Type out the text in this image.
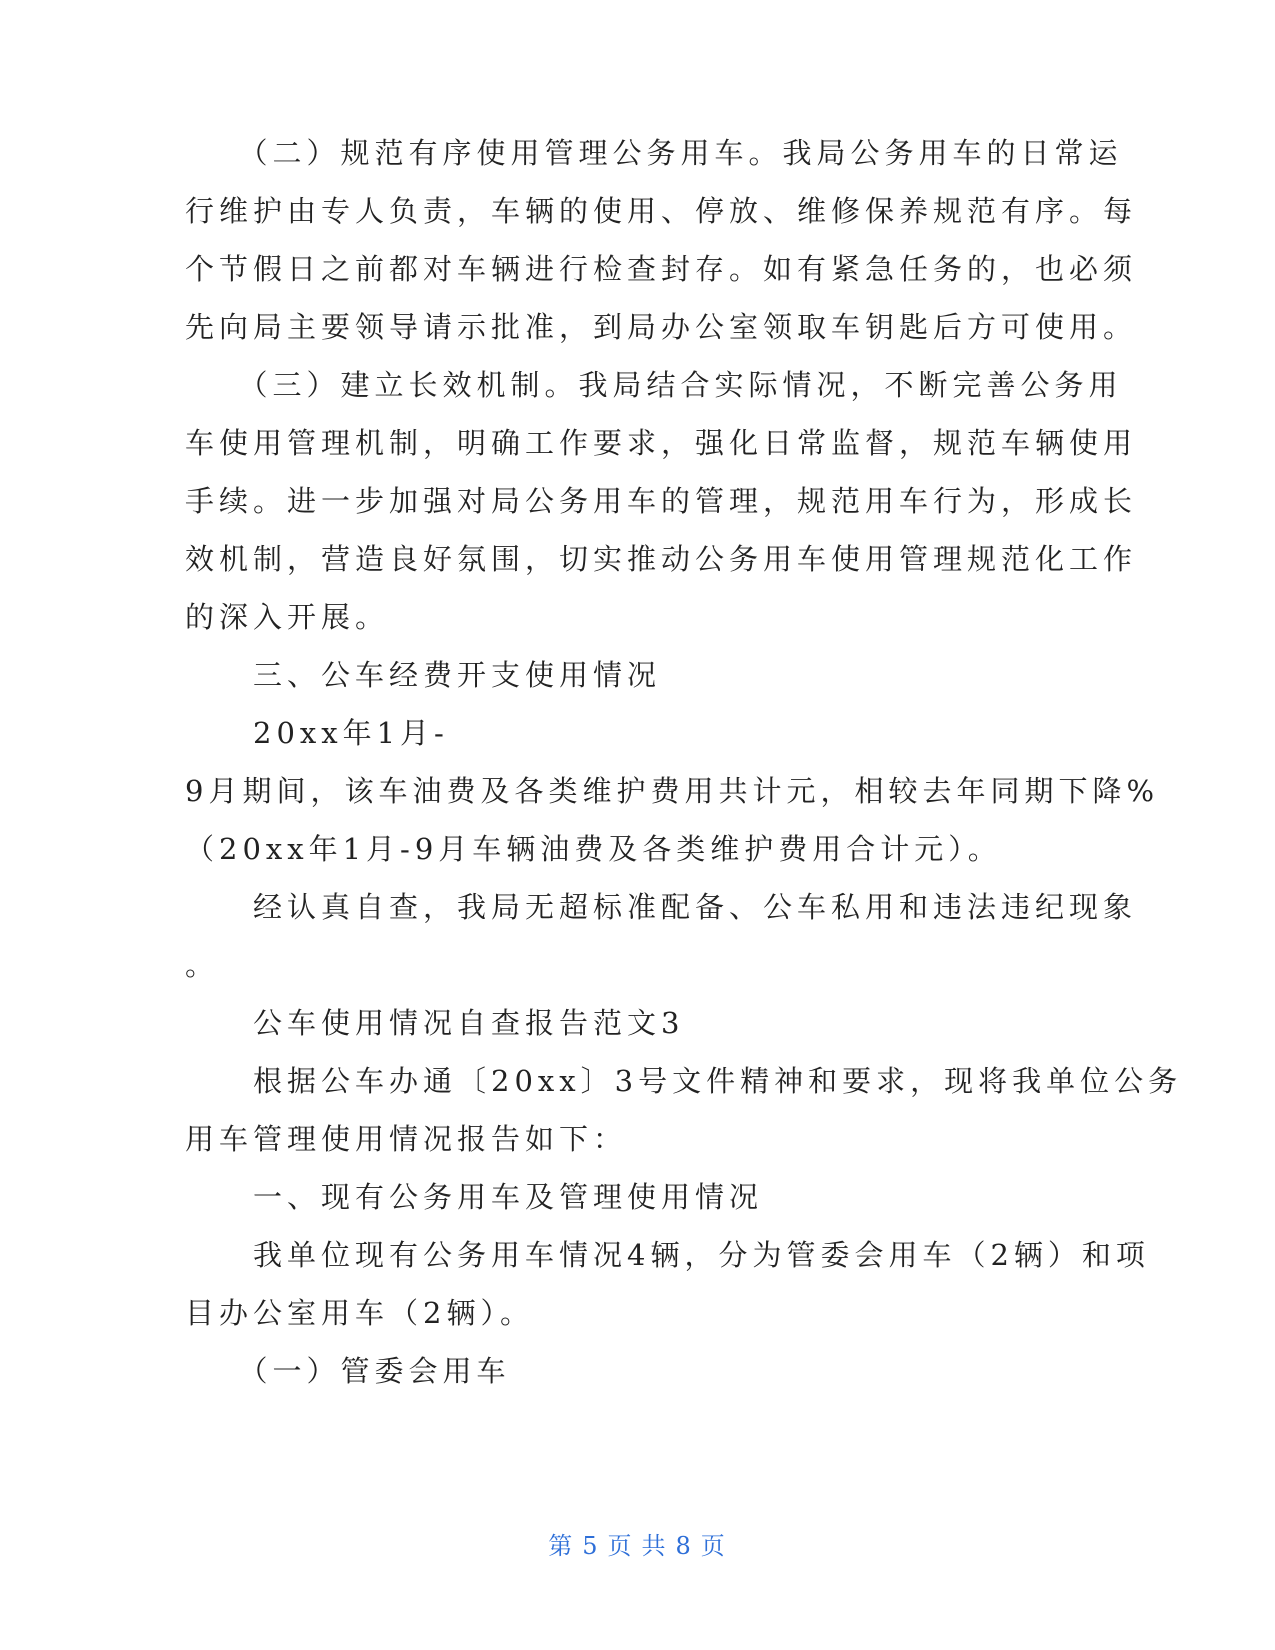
　　（二）规范有序使用管理公务用车。我局公务用车的日常运
行维护由专人负责，车辆的使用、停放、维修保养规范有序。每
个节假日之前都对车辆进行检查封存。如有紧急任务的，也必须
先向局主要领导请示批准，到局办公室领取车钥匙后方可使用。
　　（三）建立长效机制。我局结合实际情况，不断完善公务用
车使用管理机制，明确工作要求，强化日常监督，规范车辆使用
手续。进一步加强对局公务用车的管理，规范用车行为，形成长
效机制，营造良好氛围，切实推动公务用车使用管理规范化工作
的深入开展。
　　三、公车经费开支使用情况
　　20xx年1月-
9月期间，该车油费及各类维护费用共计元，相较去年同期下降%
（20xx年1月-9月车辆油费及各类维护费用合计元）。
　　经认真自查，我局无超标准配备、公车私用和违法违纪现象
。
　　公车使用情况自查报告范文3
　　根据公车办通〔20xx〕3号文件精神和要求，现将我单位公务
用车管理使用情况报告如下：
　　一、现有公务用车及管理使用情况
　　我单位现有公务用车情况4辆，分为管委会用车（2辆）和项
目办公室用车（2辆）。
　　（一）管委会用车
第 5 页 共 8 页
